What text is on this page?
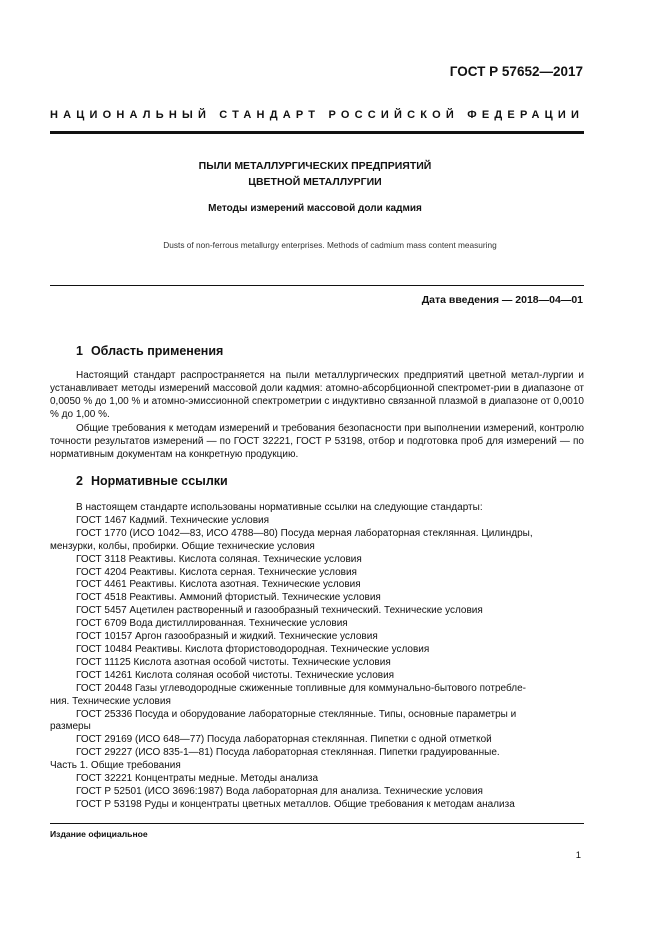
ГОСТ Р 57652—2017
НАЦИОНАЛЬНЫЙ СТАНДАРТ РОССИЙСКОЙ ФЕДЕРАЦИИ
ПЫЛИ МЕТАЛЛУРГИЧЕСКИХ ПРЕДПРИЯТИЙ
ЦВЕТНОЙ МЕТАЛЛУРГИИ
Методы измерений массовой доли кадмия
Dusts of non-ferrous metallurgy enterprises. Methods of cadmium mass content measuring
Дата введения — 2018—04—01
1 Область применения
Настоящий стандарт распространяется на пыли металлургических предприятий цветной метал-лургии и устанавливает методы измерений массовой доли кадмия: атомно-абсорбционной спектромет-рии в диапазоне от 0,0050 % до 1,00 % и атомно-эмиссионной спектрометрии с индуктивно связанной плазмой в диапазоне от 0,0010 % до 1,00 %.
Общие требования к методам измерений и требования безопасности при выполнении измерений, контролю точности результатов измерений — по ГОСТ 32221, ГОСТ Р 53198, отбор и подготовка проб для измерений — по нормативным документам на конкретную продукцию.
2 Нормативные ссылки
В настоящем стандарте использованы нормативные ссылки на следующие стандарты:
ГОСТ 1467 Кадмий. Технические условия
ГОСТ 1770 (ИСО 1042—83, ИСО 4788—80) Посуда мерная лабораторная стеклянная. Цилиндры,
мензурки, колбы, пробирки. Общие технические условия
ГОСТ 3118 Реактивы. Кислота соляная. Технические условия
ГОСТ 4204 Реактивы. Кислота серная. Технические условия
ГОСТ 4461 Реактивы. Кислота азотная. Технические условия
ГОСТ 4518 Реактивы. Аммоний фтористый. Технические условия
ГОСТ 5457 Ацетилен растворенный и газообразный технический. Технические условия
ГОСТ 6709 Вода дистиллированная. Технические условия
ГОСТ 10157 Аргон газообразный и жидкий. Технические условия
ГОСТ 10484 Реактивы. Кислота фтористоводородная. Технические условия
ГОСТ 11125 Кислота азотная особой чистоты. Технические условия
ГОСТ 14261 Кислота соляная особой чистоты. Технические условия
ГОСТ 20448 Газы углеводородные сжиженные топливные для коммунально-бытового потребле-
ния. Технические условия
ГОСТ 25336 Посуда и оборудование лабораторные стеклянные. Типы, основные параметры и
размеры
ГОСТ 29169 (ИСО 648—77) Посуда лабораторная стеклянная. Пипетки с одной отметкой
ГОСТ 29227 (ИСО 835-1—81) Посуда лабораторная стеклянная. Пипетки градуированные.
Часть 1. Общие требования
ГОСТ 32221 Концентраты медные. Методы анализа
ГОСТ Р 52501 (ИСО 3696:1987) Вода лабораторная для анализа. Технические условия
ГОСТ Р 53198 Руды и концентраты цветных металлов. Общие требования к методам анализа
Издание официальное
1
